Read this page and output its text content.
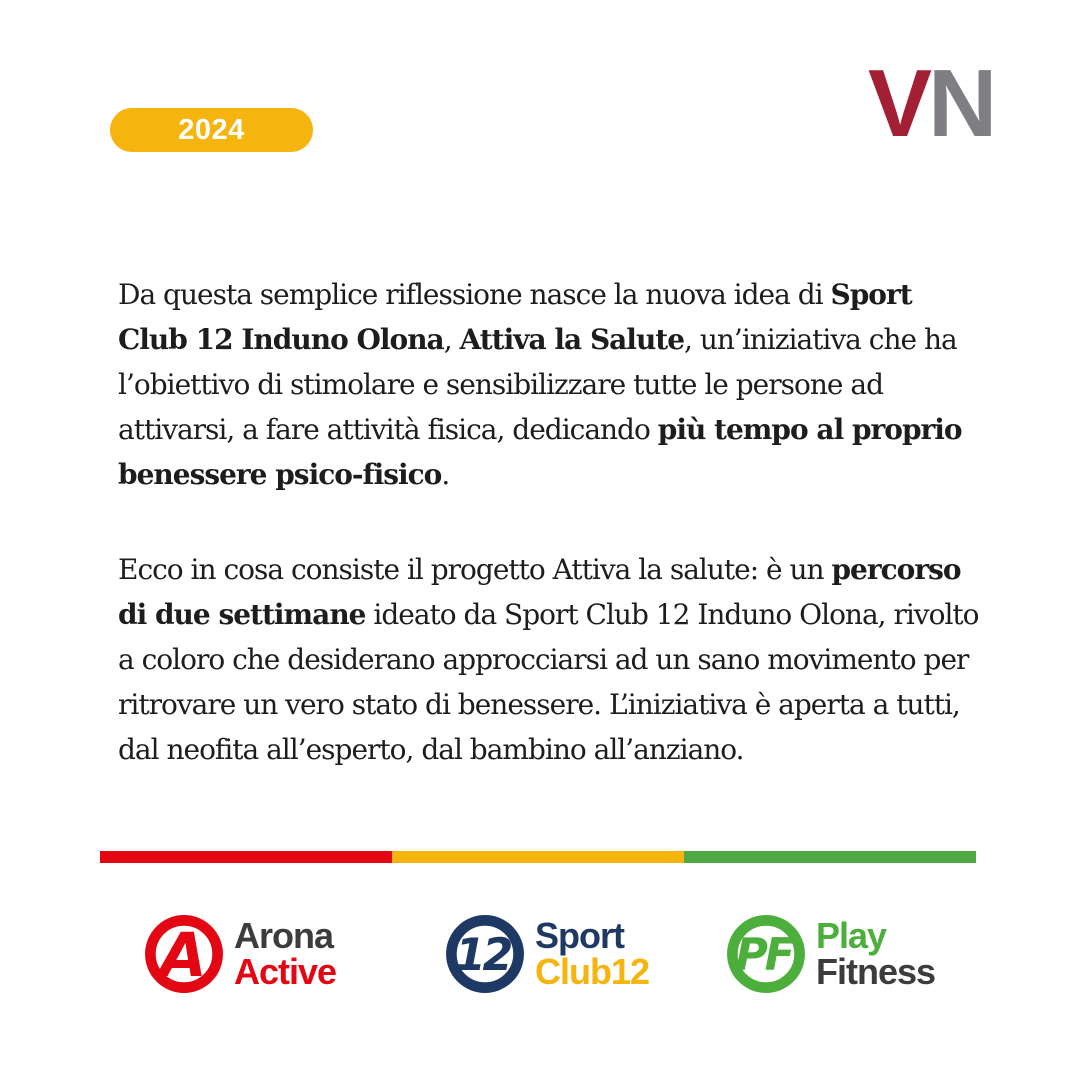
2024	VN

Da questa semplice riflessione nasce la nuova idea di Sport Club 12 Induno Olona, Attiva la Salute, un’iniziativa che ha l’obiettivo di stimolare e sensibilizzare tutte le persone ad attivarsi, a fare attività fisica, dedicando più tempo al proprio benessere psico-fisico.

Ecco in cosa consiste il progetto Attiva la salute: è un percorso di due settimane ideato da Sport Club 12 Induno Olona, rivolto a coloro che desiderano approcciarsi ad un sano movimento per ritrovare un vero stato di benessere. L’iniziativa è aperta a tutti, dal neofita all’esperto, dal bambino all’anziano.

A Arona
Active 12 Sport
Club12 PF Play
Fitness
